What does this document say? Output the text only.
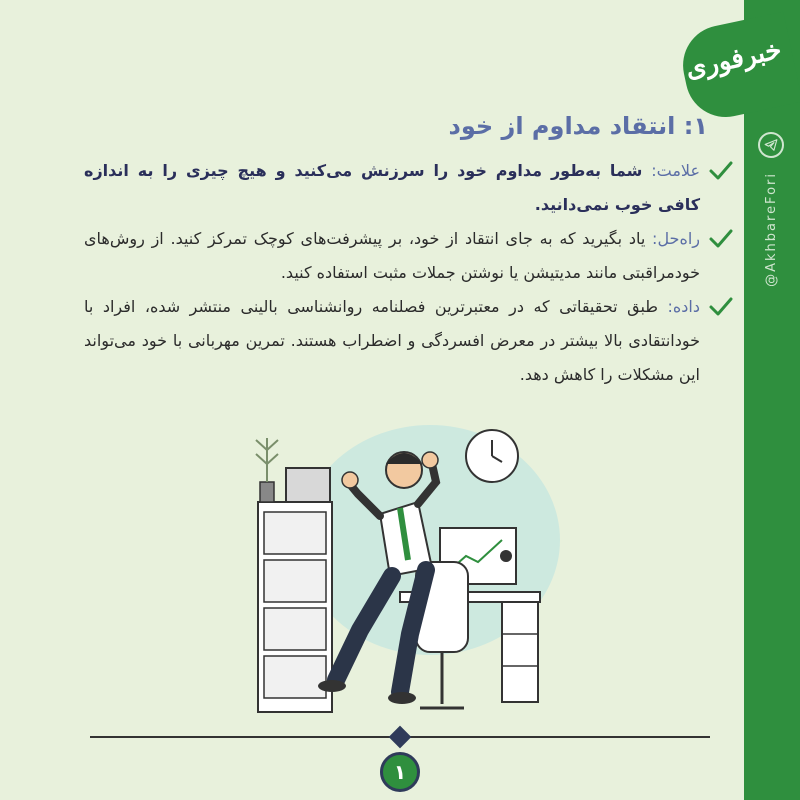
خبرفوری
@AkhbareFori
۱: انتقاد مداوم از خود
علامت: شما به‌طور مداوم خود را سرزنش می‌کنید و هیچ چیزی را به اندازه کافی خوب نمی‌دانید.
راه‌حل: یاد بگیرید که به جای انتقاد از خود، بر پیشرفت‌های کوچک تمرکز کنید. از روش‌های خودمراقبتی مانند مدیتیشن یا نوشتن جملات مثبت استفاده کنید.
داده: طبق تحقیقاتی که در معتبرترین فصلنامه روانشناسی بالینی منتشر شده، افراد با خودانتقادی بالا بیشتر در معرض افسردگی و اضطراب هستند. تمرین مهربانی با خود می‌تواند این مشکلات را کاهش دهد.
۱
